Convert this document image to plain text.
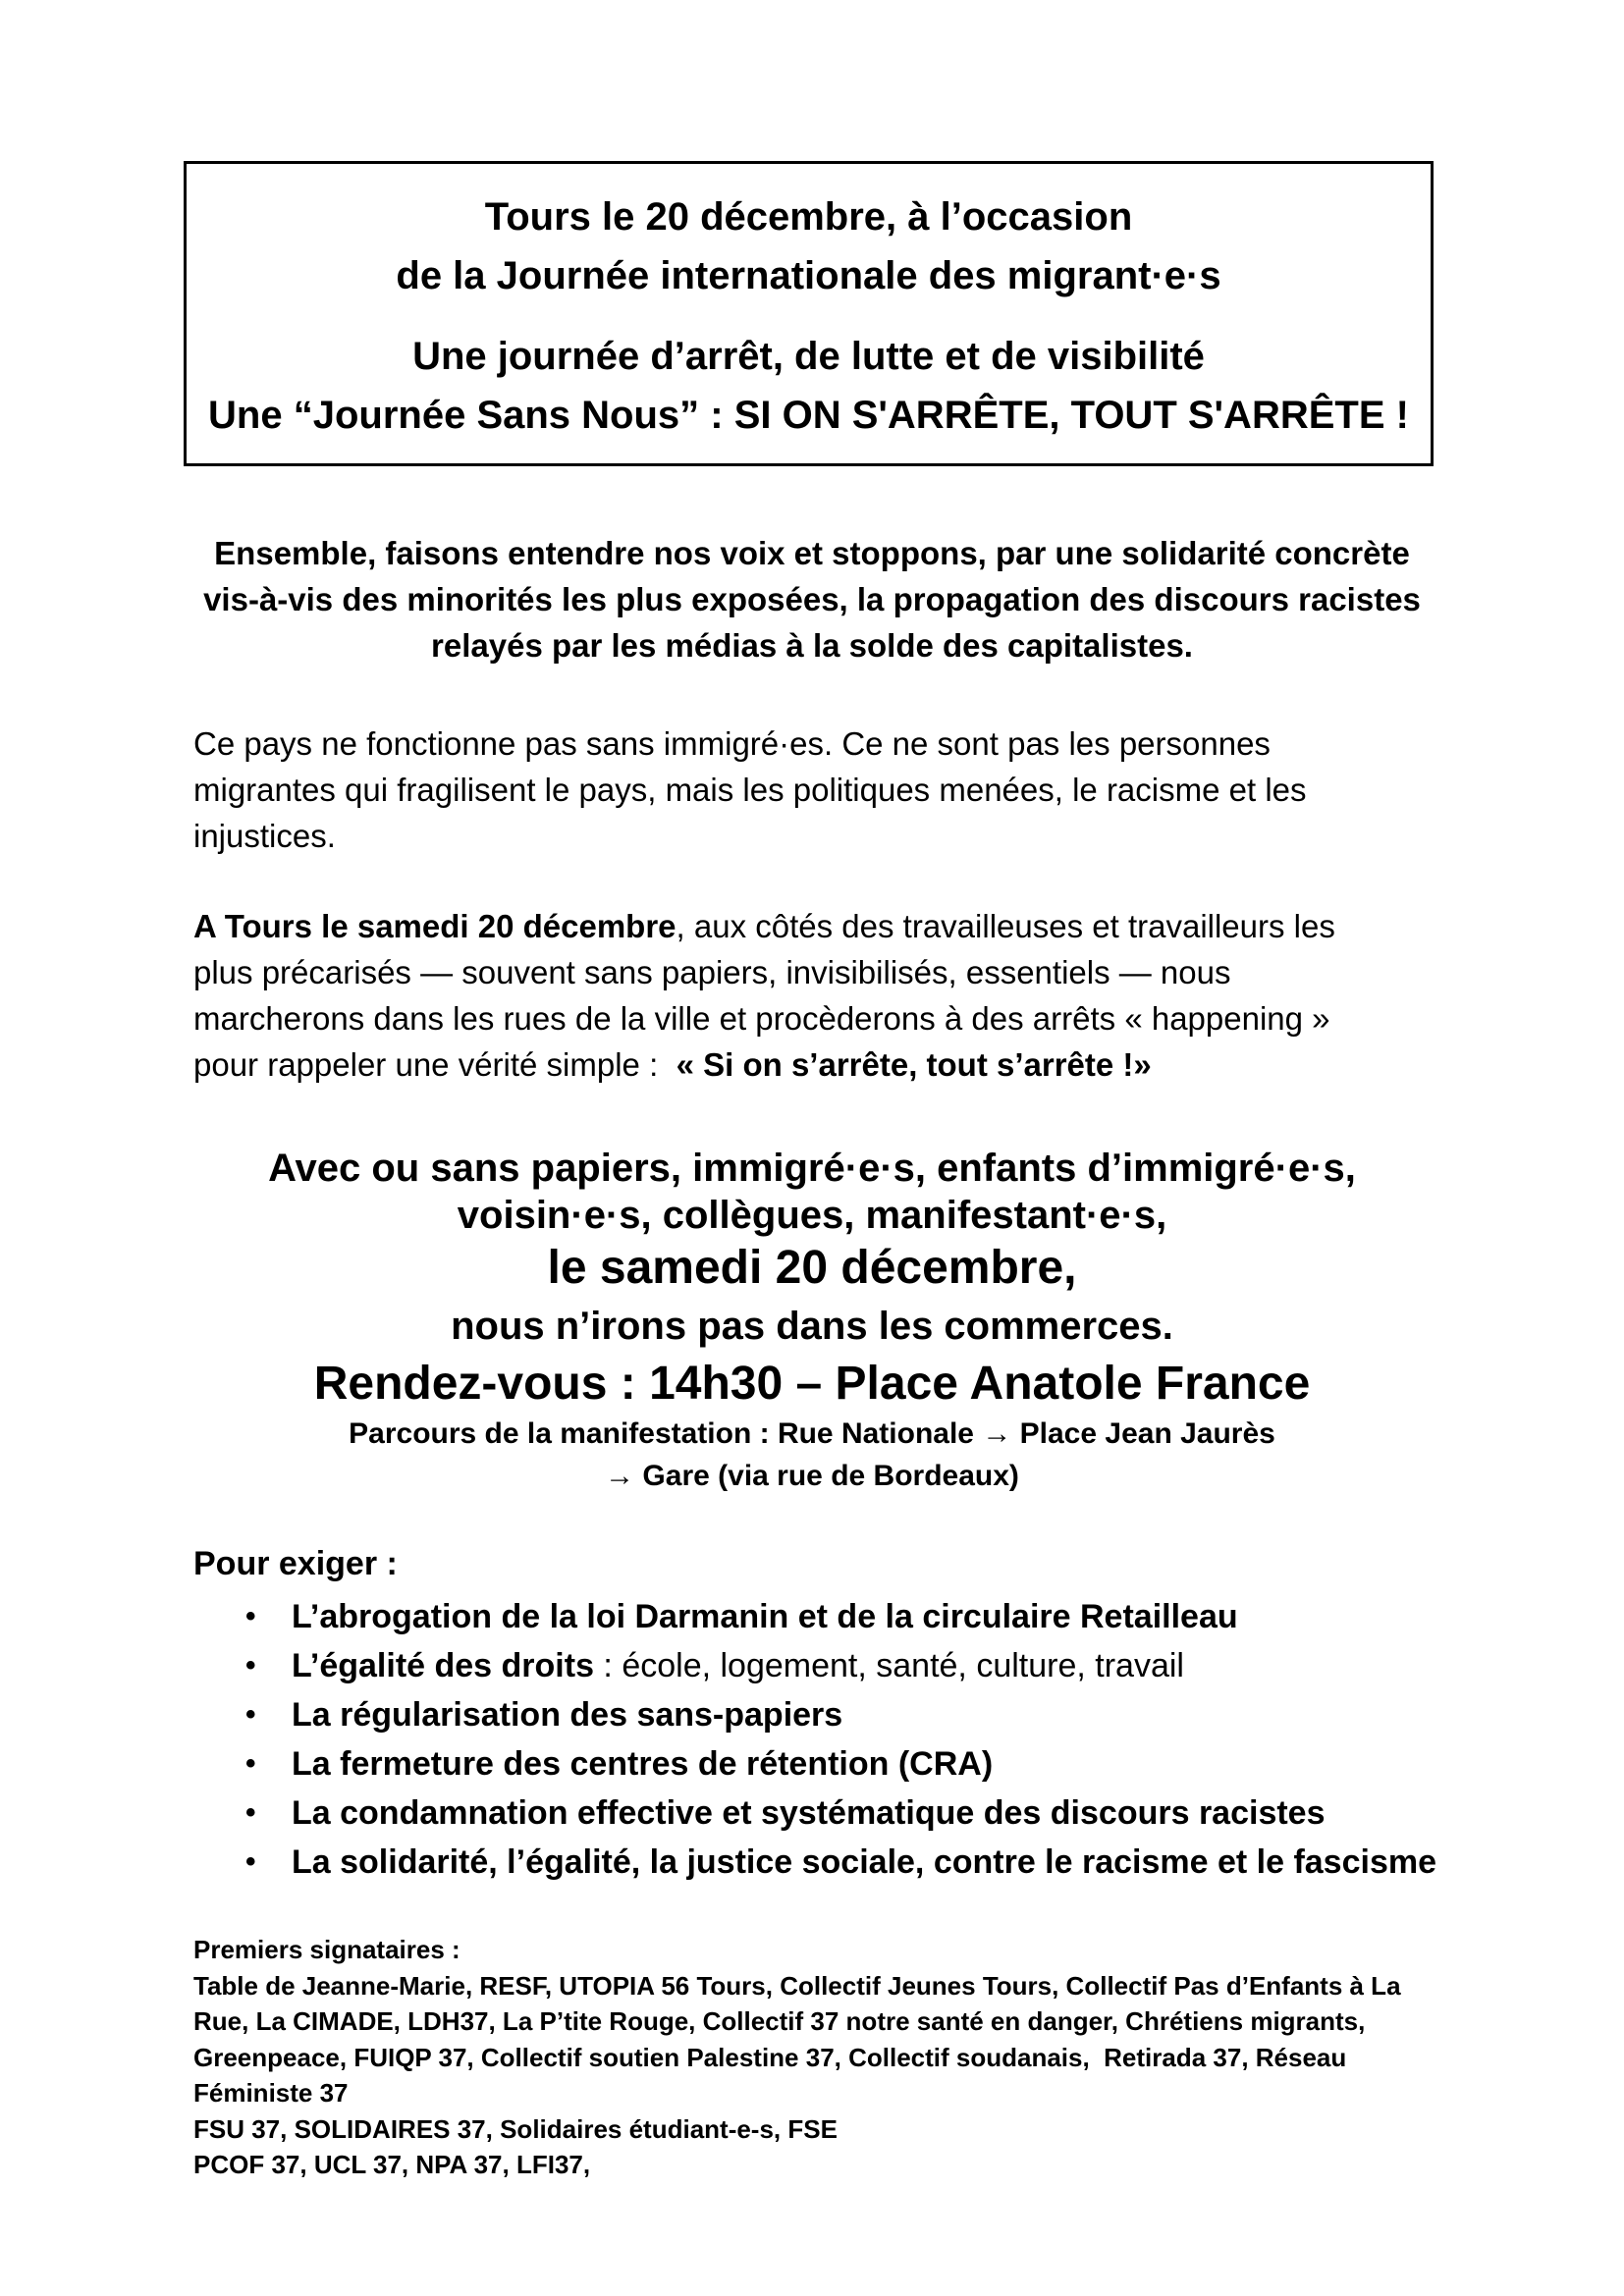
Tours le 20 décembre, à l’occasion
de la Journée internationale des migrant·e·s
Une journée d’arrêt, de lutte et de visibilité
Une “Journée Sans Nous” : SI ON S'ARRÊTE, TOUT S'ARRÊTE !
Ensemble, faisons entendre nos voix et stoppons, par une solidarité concrète
vis-à-vis des minorités les plus exposées, la propagation des discours racistes
relayés par les médias à la solde des capitalistes.
Ce pays ne fonctionne pas sans immigré·es. Ce ne sont pas les personnes
migrantes qui fragilisent le pays, mais les politiques menées, le racisme et les
injustices.
A Tours le samedi 20 décembre, aux côtés des travailleuses et travailleurs les
plus précarisés — souvent sans papiers, invisibilisés, essentiels — nous
marcherons dans les rues de la ville et procèderons à des arrêts « happening »
pour rappeler une vérité simple :  « Si on s’arrête, tout s’arrête !»
Avec ou sans papiers, immigré·e·s, enfants d’immigré·e·s,
voisin·e·s, collègues, manifestant·e·s,
le samedi 20 décembre,
nous n’irons pas dans les commerces.
Rendez-vous : 14h30 – Place Anatole France
Parcours de la manifestation : Rue Nationale → Place Jean Jaurès
→ Gare (via rue de Bordeaux)
Pour exiger :
• L’abrogation de la loi Darmanin et de la circulaire Retailleau
• L’égalité des droits : école, logement, santé, culture, travail
• La régularisation des sans-papiers
• La fermeture des centres de rétention (CRA)
• La condamnation effective et systématique des discours racistes
• La solidarité, l’égalité, la justice sociale, contre le racisme et le fascisme
Premiers signataires :
Table de Jeanne-Marie, RESF, UTOPIA 56 Tours, Collectif Jeunes Tours, Collectif Pas d’Enfants à La
Rue, La CIMADE, LDH37, La P’tite Rouge, Collectif 37 notre santé en danger, Chrétiens migrants,
Greenpeace, FUIQP 37, Collectif soutien Palestine 37, Collectif soudanais,  Retirada 37, Réseau
Féministe 37
FSU 37, SOLIDAIRES 37, Solidaires étudiant-e-s, FSE
PCOF 37, UCL 37, NPA 37, LFI37,
